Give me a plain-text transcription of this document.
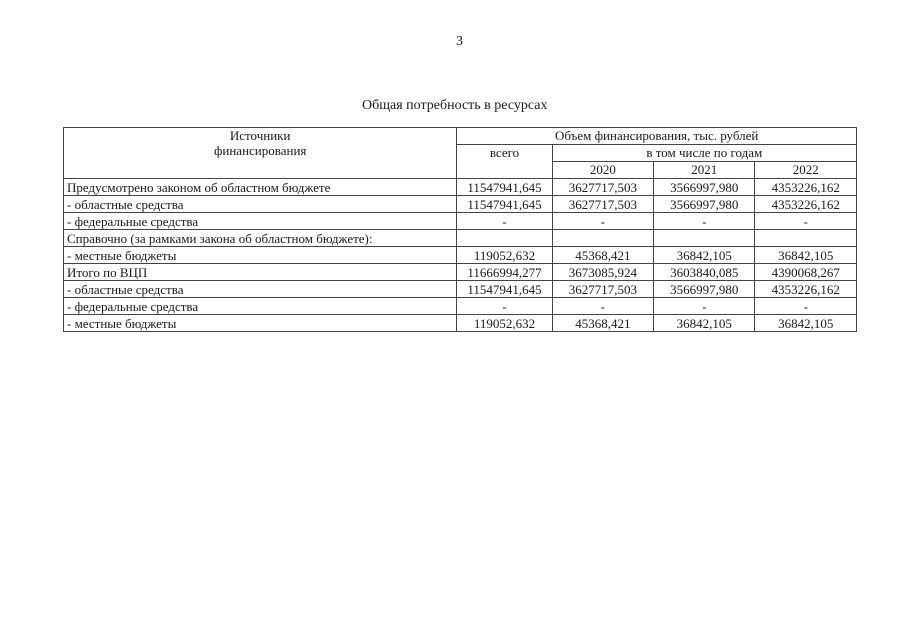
3
Общая потребность в ресурсах
Источники
финансирования	Объем финансирования, тыс. рублей			
	всего	в том числе по годам		
		2020	2021	2022
Предусмотрено законом об областном бюджете	11547941,645	3627717,503	3566997,980	4353226,162
- областные средства	11547941,645	3627717,503	3566997,980	4353226,162
- федеральные средства	-	-	-	-
Справочно (за рамками закона об областном бюджете):				
- местные бюджеты	119052,632	45368,421	36842,105	36842,105
Итого по ВЦП	11666994,277	3673085,924	3603840,085	4390068,267
- областные средства	11547941,645	3627717,503	3566997,980	4353226,162
- федеральные средства	-	-	-	-
- местные бюджеты	119052,632	45368,421	36842,105	36842,105
